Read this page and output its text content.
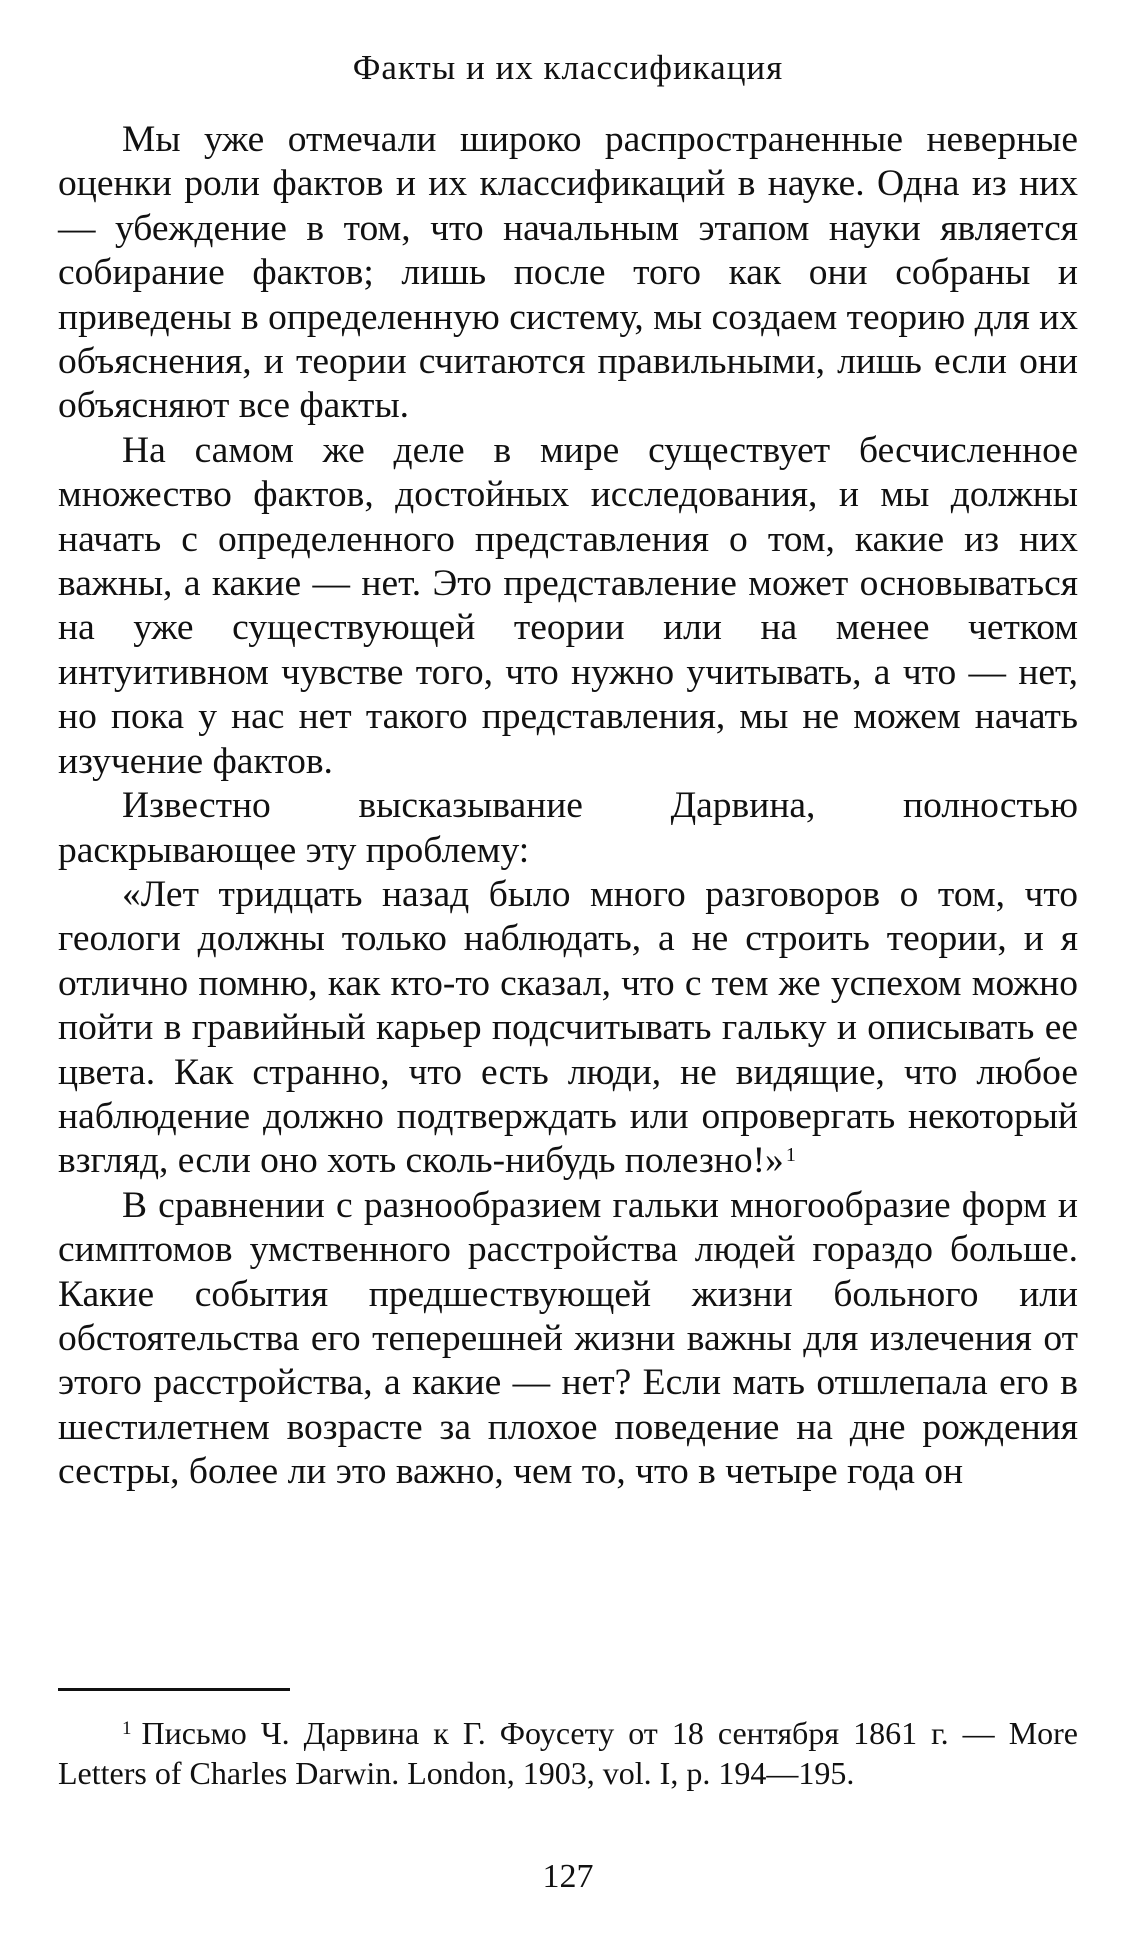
Факты и их классификация

Мы уже отмечали широко распространенные неверные оценки роли фактов и их классификаций в науке. Одна из них — убеждение в том, что начальным этапом науки является собирание фактов; лишь после того как они собраны и приведены в определенную систему, мы создаем теорию для их объяснения, и теории считаются правильными, лишь если они объясняют все факты.

На самом же деле в мире существует бесчисленное множество фактов, достойных исследования, и мы должны начать с определенного представления о том, какие из них важны, а какие — нет. Это представление может основываться на уже существующей теории или на менее четком интуитивном чувстве того, что нужно учитывать, а что — нет, но пока у нас нет такого представления, мы не можем начать изучение фактов.

Известно высказывание Дарвина, полностью раскрывающее эту проблему:

«Лет тридцать назад было много разговоров о том, что геологи должны только наблюдать, а не строить теории, и я отлично помню, как кто-то сказал, что с тем же успехом можно пойти в гравийный карьер подсчитывать гальку и описывать ее цвета. Как странно, что есть люди, не видящие, что любое наблюдение должно подтверждать или опровергать некоторый взгляд, если оно хоть сколь-нибудь полезно!» $^1$

В сравнении с разнообразием гальки многообразие форм и симптомов умственного расстройства людей гораздо больше. Какие события предшествующей жизни больного или обстоятельства его теперешней жизни важны для излечения от этого расстройства, а какие — нет? Если мать отшлепала его в шестилетнем возрасте за плохое поведение на дне рождения сестры, более ли это важно, чем то, что в четыре года он

$^1$ Письмо Ч. Дарвина к Г. Фоусету от 18 сентября 1861 г. — More Letters of Charles Darwin. London, 1903, vol. I, p. 194—195.
127
